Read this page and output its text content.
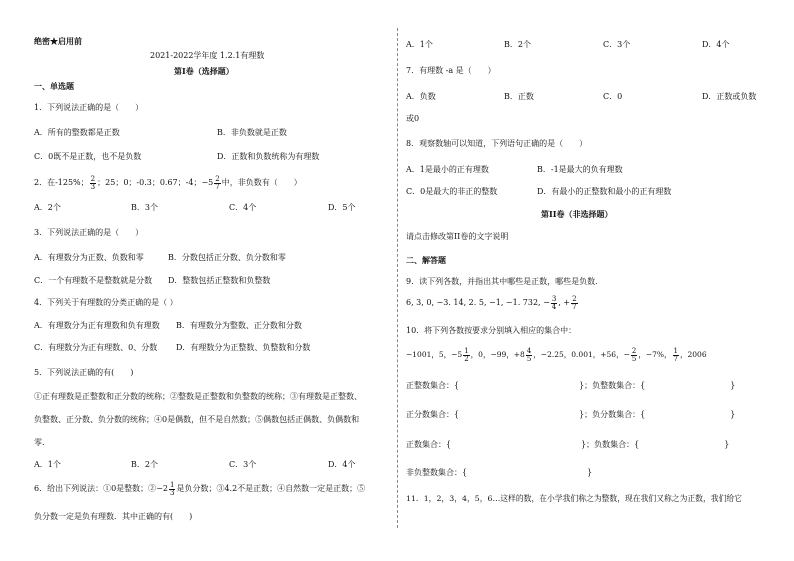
绝密★启用前
2021-2022学年度 1.2.1有理数
第I卷（选择题）
一、单选题
1．下列说法正确的是（　　）
A．所有的整数都是正数	B．非负数就是正数
C．0既不是正数，也不是负数	D．正数和负数统称为有理数
2．在-125%； $\frac{2}{3}$ ；25；0；-0.3；0.67；-4；$-5 \frac{2}{7}$ 中，非负数有（　　）
A．2个	B．3个	C．4个	D．5个
3．下列说法正确的是（　　）
A．有理数分为正数、负数和零	B．分数包括正分数、负分数和零
C．一个有理数不是整数就是分数 D．整数包括正整数和负整数
4．下列关于有理数的分类正确的是（ ）
A．有理数分为正有理数和负有理数 B．有理数分为整数、正分数和分数
C．有理数分为正有理数、0、分数 D．有理数分为正整数、负整数和分数
5．下列说法正确的有(　　)
①正有理数是正整数和正分数的统称；②整数是正整数和负整数的统称；③有理数是正整数、
负整数、正分数、负分数的统称；④0是偶数，但不是自然数；⑤偶数包括正偶数、负偶数和
零.
A．1个	B．2个	C．3个	D．4个
6．给出下列说法：①0是整数；②−2 $\frac{1}{3}$ 是负分数；③4.2不是正数；④自然数一定是正数；⑤
负分数一定是负有理数．其中正确的有(　　)
A．1个	B．2个	C．3个	D．4个
7．有理数 -a 是（　　）
A．负数	B．正数	C．0	D．正数或负数
或0
8．观察数轴可以知道，下列语句正确的是（　　）
A．1是最小的正有理数	B．-1是最大的负有理数
C．0是最大的非正的整数	D．有最小的正整数和最小的正有理数
第II卷（非选择题）
请点击修改第II卷的文字说明
二、解答题
9．读下列各数，并指出其中哪些是正数，哪些是负数．
6, 3, 0, −3. 14, 2. 5, −1, −1. 732, − $\frac{3}{4}$ , + $\frac{2}{7}$
10．将下列各数按要求分别填入相应的集合中：
−1001，5，$-5 \frac{1}{2}$ ，0，−99，$+8 \frac{4}{5}$ ，−2.25，0.001，+56，− $\frac{2}{5}$ ，−7%， $\frac{1}{7}$ ，2006
正整数集合：{	}；负整数集合：{	}
正分数集合：{	}；负分数集合：{	}
正数集合：{	}；负数集合：{	}
非负整数集合：{	}
11．1，2，3，4，5，6…这样的数，在小学我们称之为整数，现在我们又称之为正数，我们给它
